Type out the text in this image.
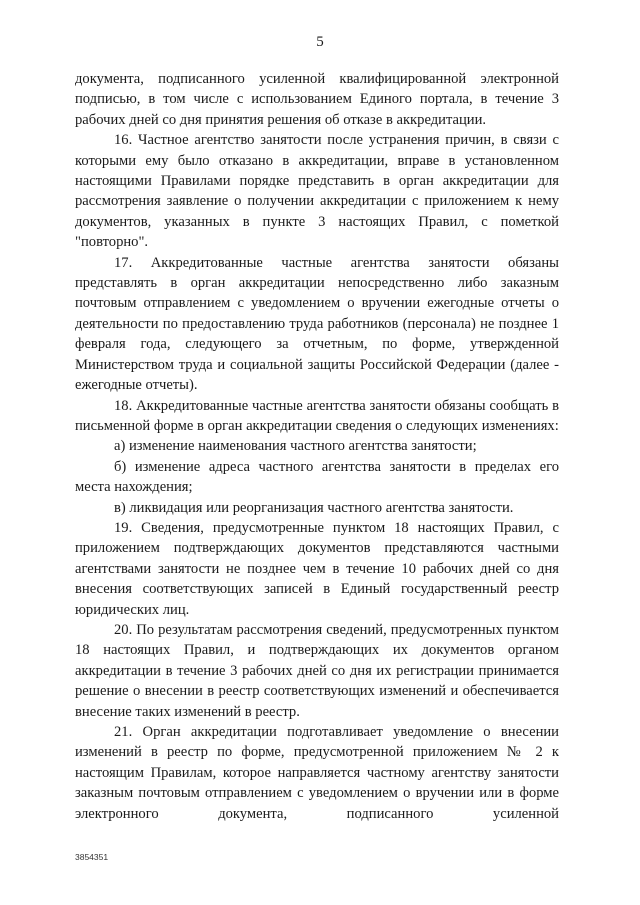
5

документа, подписанного усиленной квалифицированной электронной подписью, в том числе с использованием Единого портала, в течение 3 рабочих дней со дня принятия решения об отказе в аккредитации.

16. Частное агентство занятости после устранения причин, в связи с которыми ему было отказано в аккредитации, вправе в установленном настоящими Правилами порядке представить в орган аккредитации для рассмотрения заявление о получении аккредитации с приложением к нему документов, указанных в пункте 3 настоящих Правил, с пометкой "повторно".

17. Аккредитованные частные агентства занятости обязаны представлять в орган аккредитации непосредственно либо заказным почтовым отправлением с уведомлением о вручении ежегодные отчеты о деятельности по предоставлению труда работников (персонала) не позднее 1 февраля года, следующего за отчетным, по форме, утвержденной Министерством труда и социальной защиты Российской Федерации (далее - ежегодные отчеты).

18. Аккредитованные частные агентства занятости обязаны сообщать в письменной форме в орган аккредитации сведения о следующих изменениях:

а) изменение наименования частного агентства занятости;

б) изменение адреса частного агентства занятости в пределах его места нахождения;

в) ликвидация или реорганизация частного агентства занятости.

19. Сведения, предусмотренные пунктом 18 настоящих Правил, с приложением подтверждающих документов представляются частными агентствами занятости не позднее чем в течение 10 рабочих дней со дня внесения соответствующих записей в Единый государственный реестр юридических лиц.

20. По результатам рассмотрения сведений, предусмотренных пунктом 18 настоящих Правил, и подтверждающих их документов органом аккредитации в течение 3 рабочих дней со дня их регистрации принимается решение о внесении в реестр соответствующих изменений и обеспечивается внесение таких изменений в реестр.

21. Орган аккредитации подготавливает уведомление о внесении изменений в реестр по форме, предусмотренной приложением № 2 к настоящим Правилам, которое направляется частному агентству занятости заказным почтовым отправлением с уведомлением о вручении или в форме электронного документа, подписанного усиленной

3854351
